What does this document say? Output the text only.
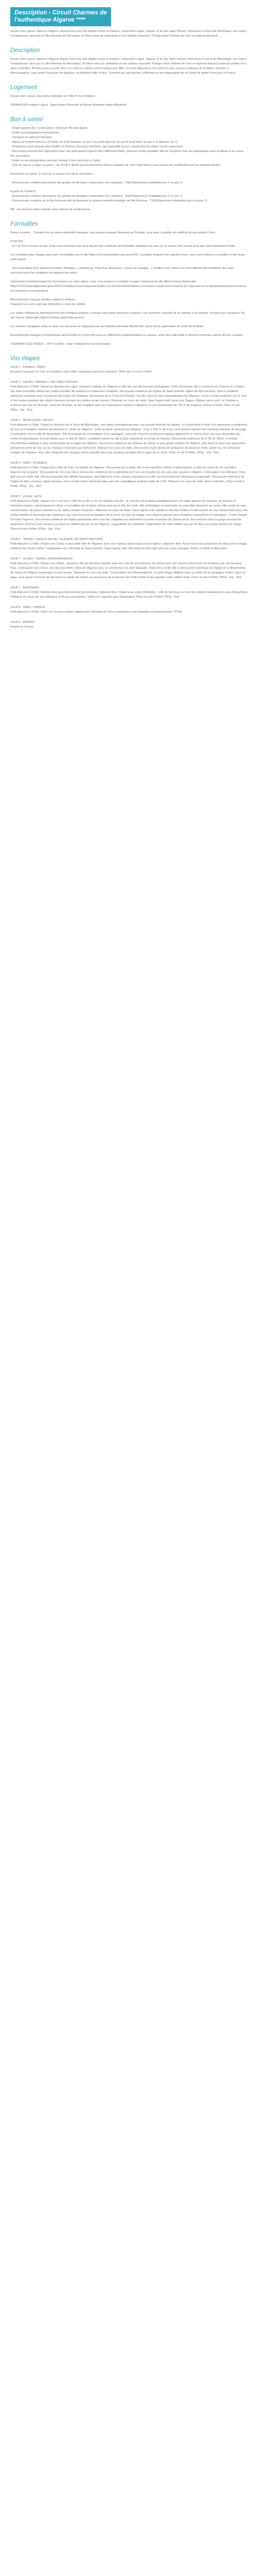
Description - Circuit Charmes de
l'authentique Algarve ****

Durant votre séjour, explorez l'Algarve depuis Faro avec des étapes riches en histoire, notamment Lagos, Sagres, et le Cap Saint-Vincent. Découvrez la Serra de Monchique, une région montagneuse, ainsi que la ville thermale de Monchique et Silves avec sa cathédrale et son château imposant. Plongez dans l'histoire de Faro et explorez Almancil ...

Description

Durant votre séjour, explorez l'Algarve depuis Faro avec des étapes riches en histoire, notamment Lagos, Sagres, et le Cap Saint-Vincent. Découvrez la Serra de Monchique, une région montagneuse, ainsi que la ville thermale de Monchique, et Silves avec sa cathédrale et son château imposant. Plongez dans l'histoire de Faro et explorez Almancil avant de profiter d'un après-midi libre. Rendez-vous à Loulé, avec son marché célèbre ouvert chaque jour. Aller, où vous déjeunerez l'un parmi les plus anciens châteaux de la région. Ensuite, à Moncarapacho, vous aurez l'occasion de déguster, sa fameuse huile d'olive. Terminez par une journée à Albufeira et une dégustation de vin avant de quitter Faro pour la France.

Logement

Durant votre séjour, vous serez hébergés en hôtel 4* (ou similaire) :

FERRAGUDO (région Lagos) : Agua Hotels Riverside ou Belver Boavista (région Albufeira).

Bon à savoir
- Départ garanti dès 2 participants. Maximum 49 participants.
- Guide accompagnateur francophone.
- Transport en véhicule climatisé.
- Séjour en formule pension complète, du petit-déjeuner du jour 2 au petit-déjeuner du jour 8 (sauf dîner du jour 6 et déjeuner du 7).
- Programme type pouvant être modifié en fonction des jours d'arrivées, des impératifs locaux, néanmoins les visites seront respectées.
- Excursions pouvant être regroupées avec des participants logeant dans différents hôtels, plusieurs arrêts possibles afin de récupérer tous les participants avant le départ et au retour des excursions.
- Guide ou accompagnateur pouvant changer d'une excursion à l'autre.
- Taxe de séjour à régler sur place : de 1EUR à 4EUR par personne/nuit selon la situation de votre logement et sous réserve de modification par les autorités locales.

Excursions en option, à réserver et à payer lors de la réservation :

- Demi-journée croisière découverte des grottes de Benagil et observation des dauphins : 74EUR/personne (réalisable jour 4 ou jour 7).

A partir du 10/04/25 :
- Demi-journée croisière découverte des grottes de Benagil et observation des dauphins : 81EUR/personne (réalisable jour 4 ou jour 7).

- Demi-journée croisière sur la Ria Formosa afin de découvrir la réserve naturelle protégée de Ria Formosa : 71EUR/personne (réalisable jour 4 ou jour 7).

NB : prix donnés à titre indicatif, sous réserve de modifications.

Formalités

Bonne nouvelle... Compte tenu de votre nationalité française, vous pouvez voyager librement au Portugal, sans avoir à justifier de certificat de vaccination Covid.

A NOTER

- En cas d'un vol avec escale, nous vous informons que vous devrez être conforme aux formalités sanitaires du pays où se trouve votre escale ainsi que votre destination finale.

Les modalités pour chaque pays sont consultables sur le site https://XXXXwww.diplomatie.gouv.fr/fr/ L'actualité évoluant très régulièrement, nous vous invitons à consulter ce lien avant votre départ.

- Pour tout départ d'un aéroport frontalier (Belgique, Luxembourg, Pays-Bas, Allemagne, Suisse ou Espagne...), veuillez vous référer aux sites officiels des ministères des pays concernés pour les conditions de départ et de retour.

Concernant l'éventuel impact du Coronavirus sur votre séjour, nous vous invitons à consulter la page ci-dessous du site officiel France Diplomatie : https://XXXXwww.diplomatie.gouv.fr/fr/le-ministere-et-son-reseau/actualites-du-ministere/informations-coronavirus-covid-19/coronavirus-les-reponses-a-vos-questions/article/coronavirus-les-reponses-a-vos-questions

Ressortissants français (adultes, bébés et enfants) :

Passeport ou carte nationale d'identité en cours de validité.

Les règles relatives au franchissement des frontières propres à chaque pays étant amenées à évoluer, il est vivement conseillé de se reporter à la rubrique "conseils aux voyageurs" du site France Diplomatie,httpsXXXXwww.diplomatie.gouv.fr/.

Les mineurs voyageant seuls ou avec une personne ne disposant pas de l'autorité parentale doivent être munis d'une autorisation de sortie de territoire.

Ressortissants étrangers et binationaux devront être en conformité avec les différentes réglementations en vigueur, selon leur nationalité et devront s'informer auprès de leur consulat.

COURANT ELECTRIQUE : 230 V et 50Hz. Type F. Adaptateur non nécessaire.

Vos étapes
JOUR 1 : FRANCE / FARO
Accueil à l'aéroport de Faro et transfert à votre hôtel. Installation dans les chambres. Dîner libre et nuit à l'hôtel.
JOUR 2 : LAGOS / SAGRES / CAP SAINT-VINCENT
Petit-déjeuner à l'hôtel. Départ en direction de Lagos, ancienne capitale de l'Algarve et ville liée aux découvertes portugaises. Cette charmante ville a conservé son charme et constitue une belle ensemble mêlant des ruelles bordées de maisons à la blancheur éclatante. Découverte extérieure de l'église de Santo António, église de style baroque, dont la simplicité extérieure contraste avec la richesse décorative de l'intérieur. Découverte de la Ponta da Piedade, l'un des sites les plus extraordinaires de l'Algarve, où des roches sculptées par le vent et les marées peintent des reliefs d'années formant des grottes et des tunnels. Déjeuner en cours de visite. Dans l'après-midi, route vers Sagres. Bâtisse par le vent, ce Finistère a renforcé son nom de l'Europe, ouest de l'Europe, un lieu magique avec ses impressions falaises irrégulières et son promontoire de 100 m de longueur. Retour à l'hôtel, dîner et nuit. (PDej - Dej - Din).
JOUR 3 : MONCHIQUE / SILVES
Petit-déjeuner à l'hôtel. Départ en direction de la Serra de Monchique, une région montagneuse avec une grande diversité de plantes, un climat doux et doté d'un panorama exceptionnel de mer et montagne, souvent surnommée le "Jardin de l'Algarve". Arrêt au point culminant de l'Algarve : Foia, à 902 m. Au Foia, vous pouvez admirer une immense étendue de paysage. Continuation vers la ville de Monchique, ville dominante par la montagne et la campagne, avec ses maisons architecture typique alignement et connue pour ses eaux thermales aux vertus thérapeutiques. Ensuite départ pour la ville de Silves, considéré comme la ville la plus importante au temps de Maures. Découverte extérieure de la Sé de Silves, le temple d'architecture gothique le plus remarquable de la région de l'Algarve. Découverte extérieure du Château de Silves, le plus grand château de l'Algarve. Sès tours et murs sont aujourd'hui pleinement ponts de vue sur les champs verdoyants qui l'entourent. Déjeuner en cours de visite. Découverte d'une Quinta de production de plusieurs fruits, parmi eux, les fameuses oranges de l'Algarve. Vous allez déguster des oranges (selon période) ainsi que plusieurs produits faits à partir de ce citrus. Dîner et nuit à l'hôtel. (PDej - Dej - Din).
JOUR 4 : FARO / ALMANCIL
Petit-déjeuner à l'hôtel. Départ pour visite de Faro, la capitale de l'Algarve. Découverte de la vieille ville et ses quartiers calmes et pittoresques, à l'abri du cercle de ses murailles disposés de remparts. Découverte de l'Arco de Vila et découverte extérieure de la cathédrale de Faro qui fut jadis lieu de culte pour plusieurs religions. Continuation vers Almancil. Dans qu'il est une petite ville, Almancil possède des détails historiques, des bâtiments d'une certaine importance et offre un environnement pittoresque et agréable. Découverte extérieure de l'église de São Lourenço, église baroque, avec sa décoration intérieure faite avec des magnifiques azulejos datés de 1730. Déjeuner en cours de visite. Après-midi libre. Dîner et nuit à l'hôtel. (PDej - Dej - Din).
JOUR 5 : LOULE / ALTE
Petit-déjeuner à l'hôtel. Départ vers Loulé pour visite de la ville et de son typique marché : un marché qui propose quotidiennement une vaste gamme de couleurs, de textures et d'arômes uniques, représentant la culture et la tradition de la région. Découverte de la ville de Loulé, ville authentique et charmante où vous allez découvrir un centre-ville rempli de rues commerciales, de places animées et de ruelles étroites et pavées. Déjeuner en cours de visite. Dans l'après-midi, départ en direction d'Alte à la découverte de ses maisons blanches, ses ruelles étroites et sinueuses qui conduisent aux sources d'une boulangerie de la Serra. En bas du village, vous pourrez admirer deux fontaines champêtres et ombragées : Fonte Grande et Fonte Pequena. Découverte extérieure de l'église paroissiale dont l'une des chapelles est totalement couverte d'azulejos du 16ème siècle. Aux environs dans la gorge pouvant les alcaloures, dont les fruits servent à produire la célèbre eau de vie de l'Algarve, l'aguardente de medronho. Dégustation de cette célèbre eau de vie dans une petite taverne du village. Dîner et nuit à l'hôtel. (PDej - Dej - Din).
JOUR 6 : TAVIRA / CACELA VELHA / VILA REAL DE SANTO ANTONIO
Petit-déjeuner à l'hôtel. Départ vers Tavira, la plus belle ville de l'Algarve, avec ses maisons pittoresques et ses églises. Déjeuner libre. Aussi nous vous proposons de découvrir le village médiéval de Cacela Velha. Continuation vers Vila Real de Santo Antonio. Dans l'après-midi, découvrez à pied cette ville aux noms portugais. Retour à l'hôtel et dîner libre.
JOUR 7 : OLHAO / TAVIRA / MONCARAPACHO
Petit-déjeuner à l'hôtel. Départ vers Olhão : ancienne ville de pêcheurs réputée pour son marché aux poissons et connue pour ses maisons dont le toit est remplacé par une terrasse. Puis, continuation vers Tavira, une des plus belles villes de l'Algarve avec un architecture de style Manuelin. Visite de la vieille ville et découverte extérieure de l'église de la Misericordia, de ruines du château mauresque et pont romain. Déjeuner en cours de visite. Continuation vers Moncarapacho, un petit village idyllique situé au milieu de la campagne d'olive. Dans un lagar, vous aurez l'occasion de découvrir la culture de l'olivier, du processus de production de l'huile d'olive et de déguster cette célèbre huile. Dîner et nuit à l'hôtel. (PDej - Dej - Din).
JOUR 7 : ALBUFEIRA
Petit-déjeuner à l'hôtel. Matinée libre pour découvertes personnelles. Déjeuner libre. Départ pour visite d'Albufeira – ville de pêcheurs et l'une des stations balnéaires les plus fréquentées d'Algarve en raison de son ambiance et de ses innovations. Visite d'un vignoble avec dégustation. Dîner et nuit à l'hôtel. (PDej - Din).
JOUR 8 : FARO / FRANCE
Petit-déjeuner à l'hôtel. Selon les horaires d'avion, départ pour l'aéroport de Faro et assistance aux formalités d'embarquement. (PDej)
JOUR 9 : FRANCE
Arrivée en France.
